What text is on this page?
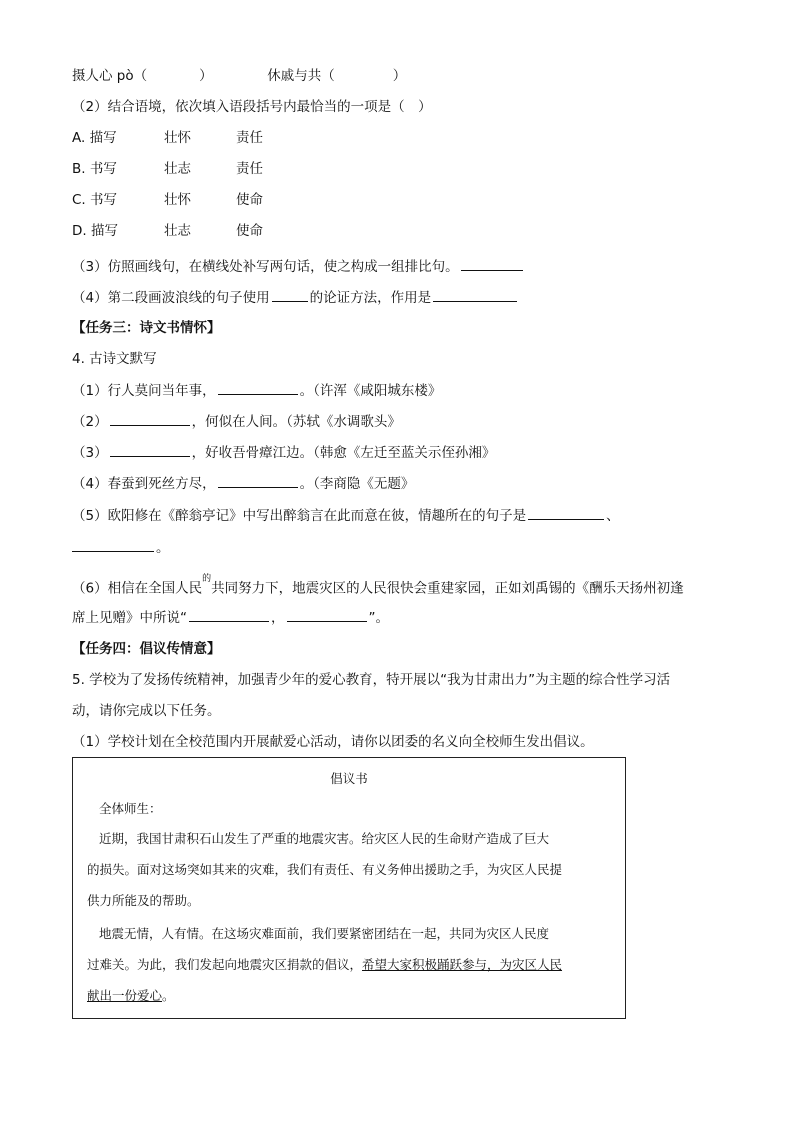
摄人心 pò（	）	休戚与共（	）
（2）结合语境，依次填入语段括号内最恰当的一项是（　）
A. 描写	壮怀	责任
B. 书写	壮志	责任
C. 书写	壮怀	使命
D. 描写	壮志	使命
（3）仿照画线句，在横线处补写两句话，使之构成一组排比句。
（4）第二段画波浪线的句子使用	的论证方法，作用是
【任务三：诗文书情怀】
4. 古诗文默写
（1）行人莫问当年事，	。（许浑《咸阳城东楼》
（2）	，何似在人间。（苏轼《水调歌头》
（3）	，好收吾骨瘴江边。（韩愈《左迁至蓝关示侄孙湘》
（4）春蚕到死丝方尽，	。（李商隐《无题》
（5）欧阳修在《醉翁亭记》中写出醉翁言在此而意在彼，情趣所在的句子是	、
。
（6）相信在全国人民$^的$共同努力下，地震灾区的人民很快会重建家园，正如刘禹锡的《酬乐天扬州初逢
席上见赠》中所说“	，	”。
【任务四：倡议传情意】
5. 学校为了发扬传统精神，加强青少年的爱心教育，特开展以“我为甘肃出力”为主题的综合性学习活
动，请你完成以下任务。
（1）学校计划在全校范围内开展献爱心活动，请你以团委的名义向全校师生发出倡议。
倡议书
全体师生：
近期，我国甘肃积石山发生了严重的地震灾害。给灾区人民的生命财产造成了巨大
的损失。面对这场突如其来的灾难，我们有责任、有义务伸出援助之手，为灾区人民提
供力所能及的帮助。
地震无情，人有情。在这场灾难面前，我们要紧密团结在一起，共同为灾区人民度
过难关。为此，我们发起向地震灾区捐款的倡议，希望大家积极踊跃参与，为灾区人民
献出一份爱心。
